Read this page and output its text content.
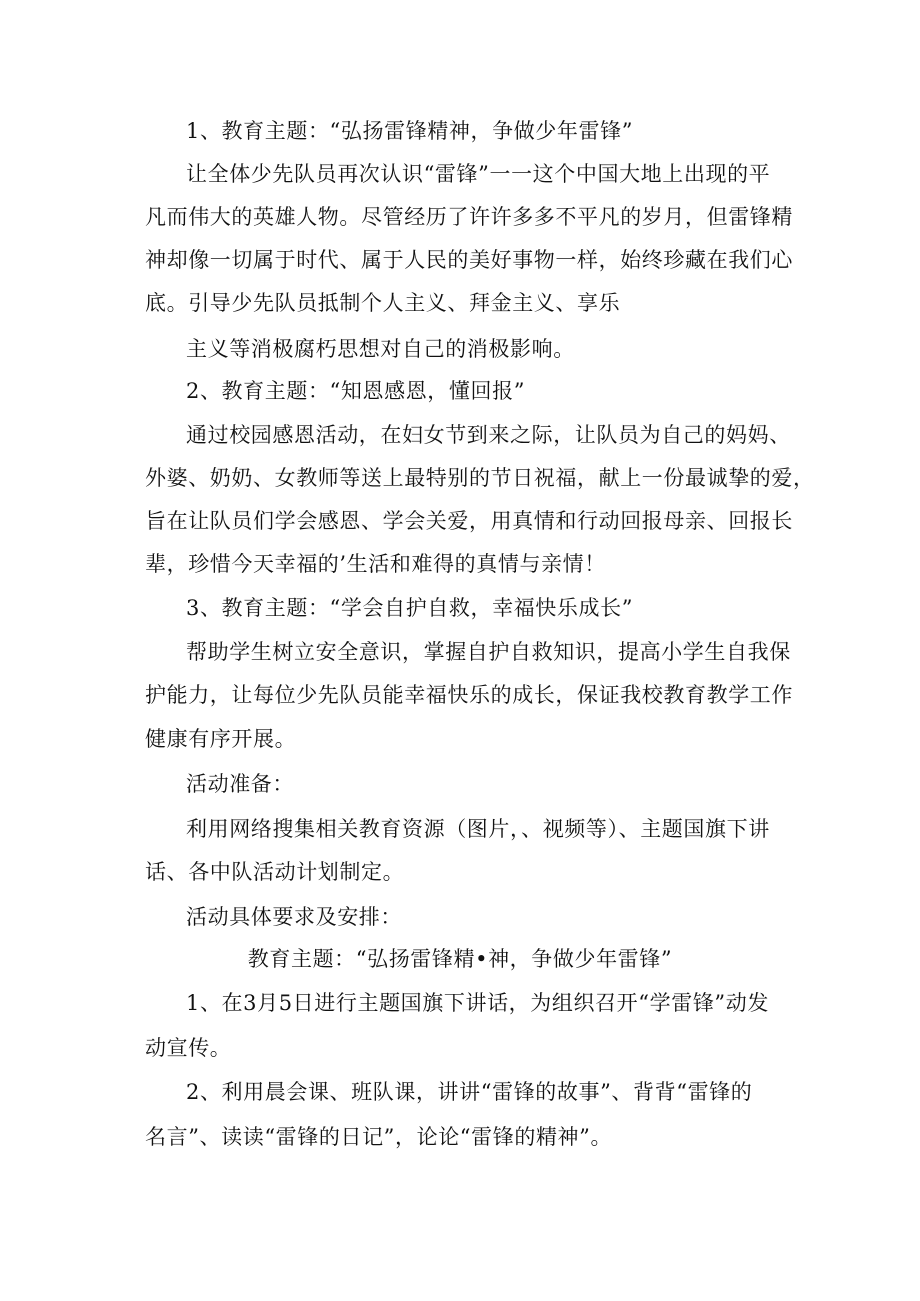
1、教育主题：“弘扬雷锋精神，争做少年雷锋”
让全体少先队员再次认识“雷锋”一一这个中国大地上出现的平
凡而伟大的英雄人物。尽管经历了许许多多不平凡的岁月，但雷锋精
神却像一切属于时代、属于人民的美好事物一样，始终珍藏在我们心
底。引导少先队员抵制个人主义、拜金主义、享乐
主义等消极腐朽思想对自己的消极影响。
2、教育主题：“知恩感恩，懂回报”
通过校园感恩活动，在妇女节到来之际，让队员为自己的妈妈、
外婆、奶奶、女教师等送上最特别的节日祝福，献上一份最诚挚的爱，
旨在让队员们学会感恩、学会关爱，用真情和行动回报母亲、回报长
辈，珍惜今天幸福的’生活和难得的真情与亲情！
3、教育主题：“学会自护自救，幸福快乐成长”
帮助学生树立安全意识，掌握自护自救知识，提高小学生自我保
护能力，让每位少先队员能幸福快乐的成长，保证我校教育教学工作
健康有序开展。
活动准备：
利用网络搜集相关教育资源（图片，、视频等）、主题国旗下讲
话、各中队活动计划制定。
活动具体要求及安排：
教育主题：“弘扬雷锋精•神，争做少年雷锋”
1、在3月5日进行主题国旗下讲话，为组织召开“学雷锋”动发
动宣传。
2、利用晨会课、班队课，讲讲“雷锋的故事”、背背“雷锋的
名言”、读读“雷锋的日记”，论论“雷锋的精神”。
